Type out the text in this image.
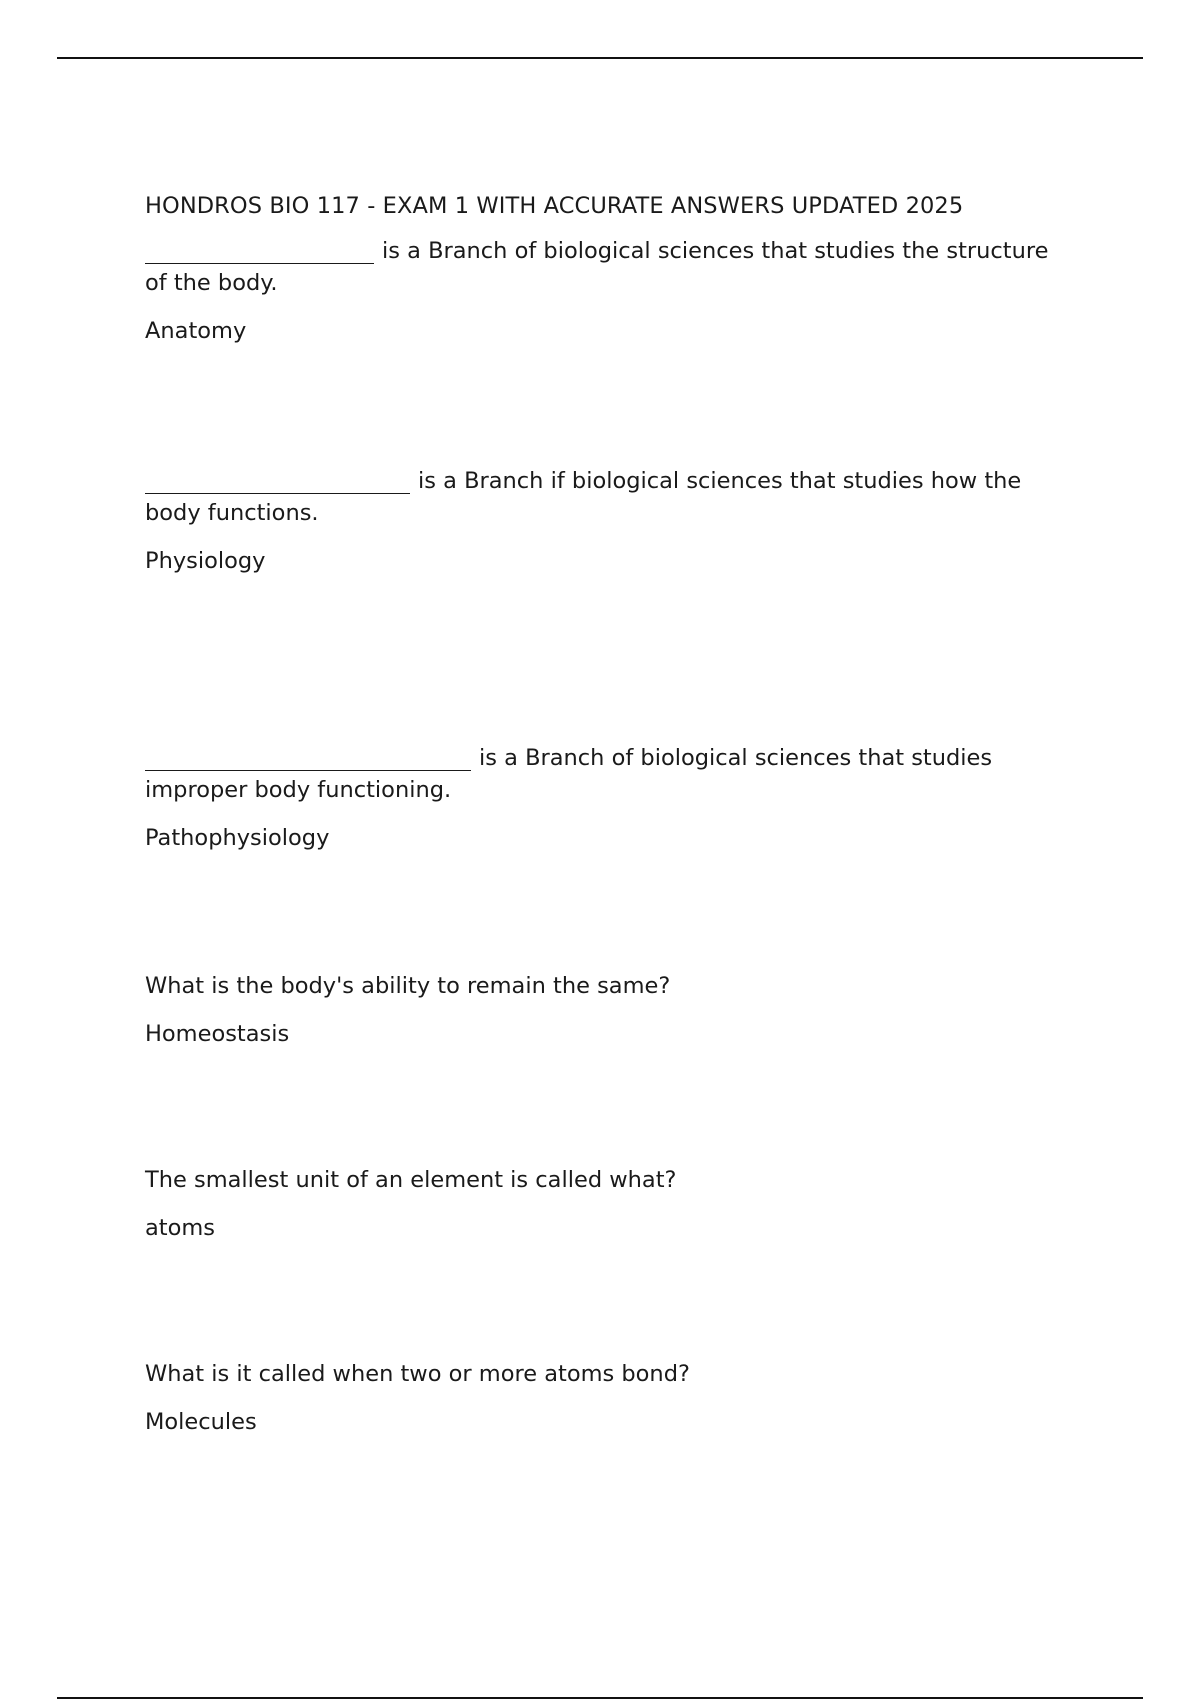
HONDROS BIO 117 - EXAM 1 WITH ACCURATE ANSWERS UPDATED 2025
is a Branch of biological sciences that studies the structure of the body.
Anatomy
is a Branch if biological sciences that studies how the body functions.
Physiology
is a Branch of biological sciences that studies improper body functioning.
Pathophysiology
What is the body's ability to remain the same?
Homeostasis
The smallest unit of an element is called what?
atoms
What is it called when two or more atoms bond?
Molecules
